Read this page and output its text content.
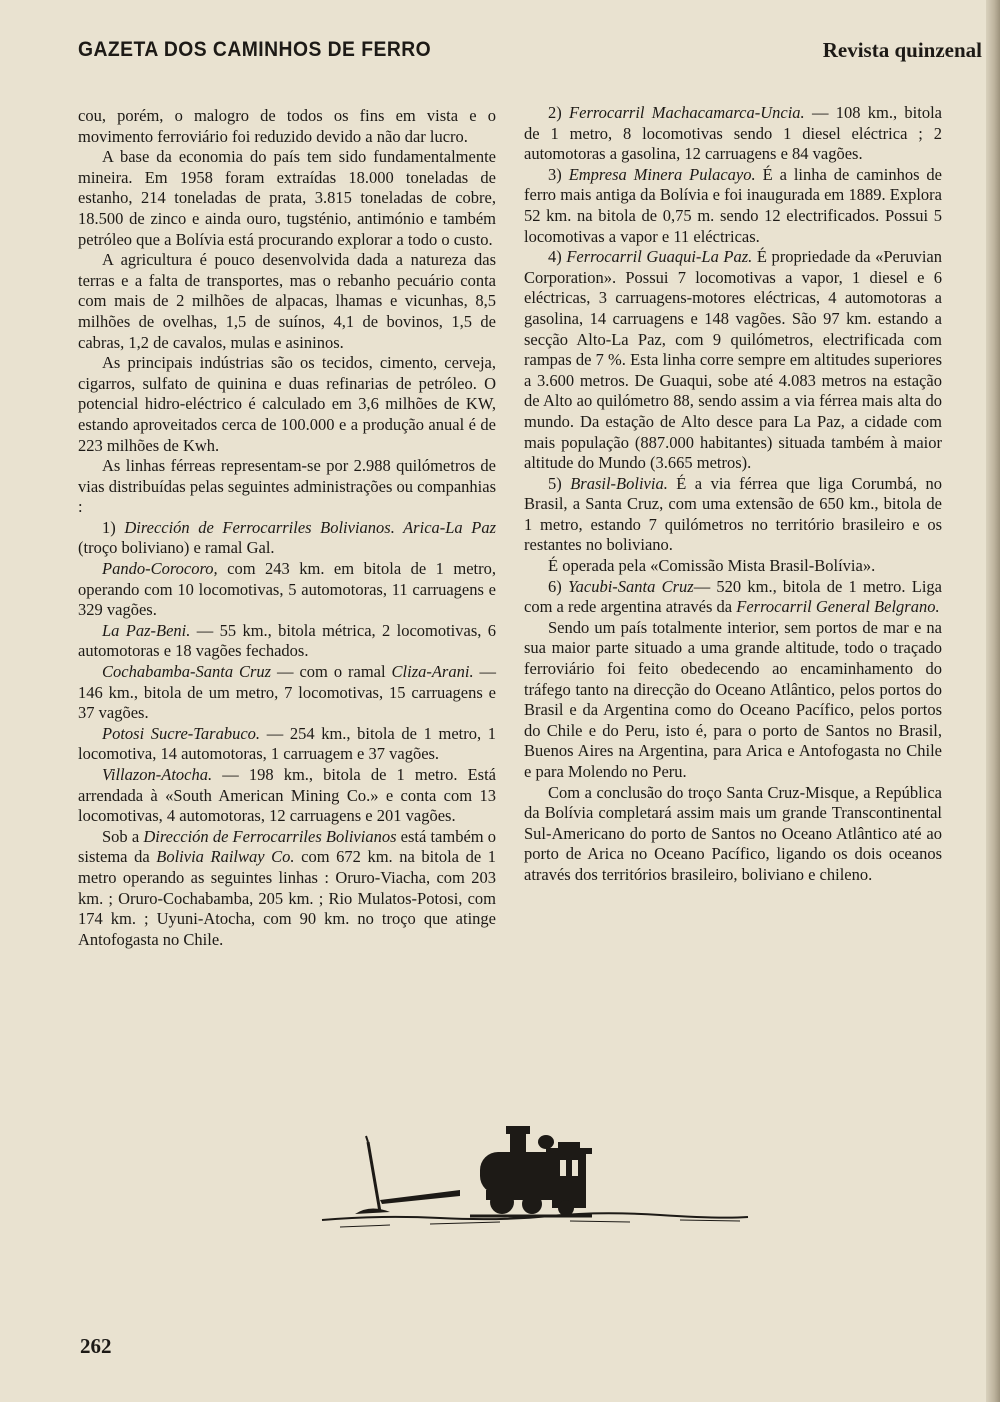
GAZETA DOS CAMINHOS DE FERRO	Revista quinzenal

cou, porém, o malogro de todos os fins em vista e o movimento ferroviário foi reduzido devido a não dar lucro.

A base da economia do país tem sido fundamentalmente mineira. Em 1958 foram extraídas 18.000 toneladas de estanho, 214 toneladas de prata, 3.815 toneladas de cobre, 18.500 de zinco e ainda ouro, tugsténio, antimónio e também petróleo que a Bolívia está procurando explorar a todo o custo.

A agricultura é pouco desenvolvida dada a natureza das terras e a falta de transportes, mas o rebanho pecuário conta com mais de 2 milhões de alpacas, lhamas e vicunhas, 8,5 milhões de ovelhas, 1,5 de suínos, 4,1 de bovinos, 1,5 de cabras, 1,2 de cavalos, mulas e asininos.

As principais indústrias são os tecidos, cimento, cerveja, cigarros, sulfato de quinina e duas refinarias de petróleo. O potencial hidro-eléctrico é calculado em 3,6 milhões de KW, estando aproveitados cerca de 100.000 e a produção anual é de 223 milhões de Kwh.

As linhas férreas representam-se por 2.988 quilómetros de vias distribuídas pelas seguintes administrações ou companhias :

1) Dirección de Ferrocarriles Bolivianos. Arica-La Paz (troço boliviano) e ramal Gal.

Pando-Corocoro, com 243 km. em bitola de 1 metro, operando com 10 locomotivas, 5 automotoras, 11 carruagens e 329 vagões.

La Paz-Beni. — 55 km., bitola métrica, 2 locomotivas, 6 automotoras e 18 vagões fechados.

Cochabamba-Santa Cruz — com o ramal Cliza-Arani. — 146 km., bitola de um metro, 7 locomotivas, 15 carruagens e 37 vagões.

Potosi Sucre-Tarabuco. — 254 km., bitola de 1 metro, 1 locomotiva, 14 automotoras, 1 carruagem e 37 vagões.

Villazon-Atocha. — 198 km., bitola de 1 metro. Está arrendada à «South American Mining Co.» e conta com 13 locomotivas, 4 automotoras, 12 carruagens e 201 vagões.

Sob a Dirección de Ferrocarriles Bolivianos está também o sistema da Bolivia Railway Co. com 672 km. na bitola de 1 metro operando as seguintes linhas : Oruro-Viacha, com 203 km. ; Oruro-Cochabamba, 205 km. ; Rio Mulatos-Potosi, com 174 km. ; Uyuni-Atocha, com 90 km. no troço que atinge Antofogasta no Chile.

2) Ferrocarril Machacamarca-Uncia. — 108 km., bitola de 1 metro, 8 locomotivas sendo 1 diesel eléctrica ; 2 automotoras a gasolina, 12 carruagens e 84 vagões.

3) Empresa Minera Pulacayo. É a linha de caminhos de ferro mais antiga da Bolívia e foi inaugurada em 1889. Explora 52 km. na bitola de 0,75 m. sendo 12 electrificados. Possui 5 locomotivas a vapor e 11 eléctricas.

4) Ferrocarril Guaqui-La Paz. É propriedade da «Peruvian Corporation». Possui 7 locomotivas a vapor, 1 diesel e 6 eléctricas, 3 carruagens-motores eléctricas, 4 automotoras a gasolina, 14 carruagens e 148 vagões. São 97 km. estando a secção Alto-La Paz, com 9 quilómetros, electrificada com rampas de 7 %. Esta linha corre sempre em altitudes superiores a 3.600 metros. De Guaqui, sobe até 4.083 metros na estação de Alto ao quilómetro 88, sendo assim a via férrea mais alta do mundo. Da estação de Alto desce para La Paz, a cidade com mais população (887.000 habitantes) situada também à maior altitude do Mundo (3.665 metros).

5) Brasil-Bolivia. É a via férrea que liga Corumbá, no Brasil, a Santa Cruz, com uma extensão de 650 km., bitola de 1 metro, estando 7 quilómetros no território brasileiro e os restantes no boliviano.

É operada pela «Comissão Mista Brasil-Bolívia».

6) Yacubi-Santa Cruz— 520 km., bitola de 1 metro. Liga com a rede argentina através da Ferrocarril General Belgrano.

Sendo um país totalmente interior, sem portos de mar e na sua maior parte situado a uma grande altitude, todo o traçado ferroviário foi feito obedecendo ao encaminhamento do tráfego tanto na direcção do Oceano Atlântico, pelos portos do Brasil e da Argentina como do Oceano Pacífico, pelos portos do Chile e do Peru, isto é, para o porto de Santos no Brasil, Buenos Aires na Argentina, para Arica e Antofogasta no Chile e para Molendo no Peru.

Com a conclusão do troço Santa Cruz-Misque, a República da Bolívia completará assim mais um grande Transcontinental Sul-Americano do porto de Santos no Oceano Atlântico até ao porto de Arica no Oceano Pacífico, ligando os dois oceanos através dos territórios brasileiro, boliviano e chileno.

262
